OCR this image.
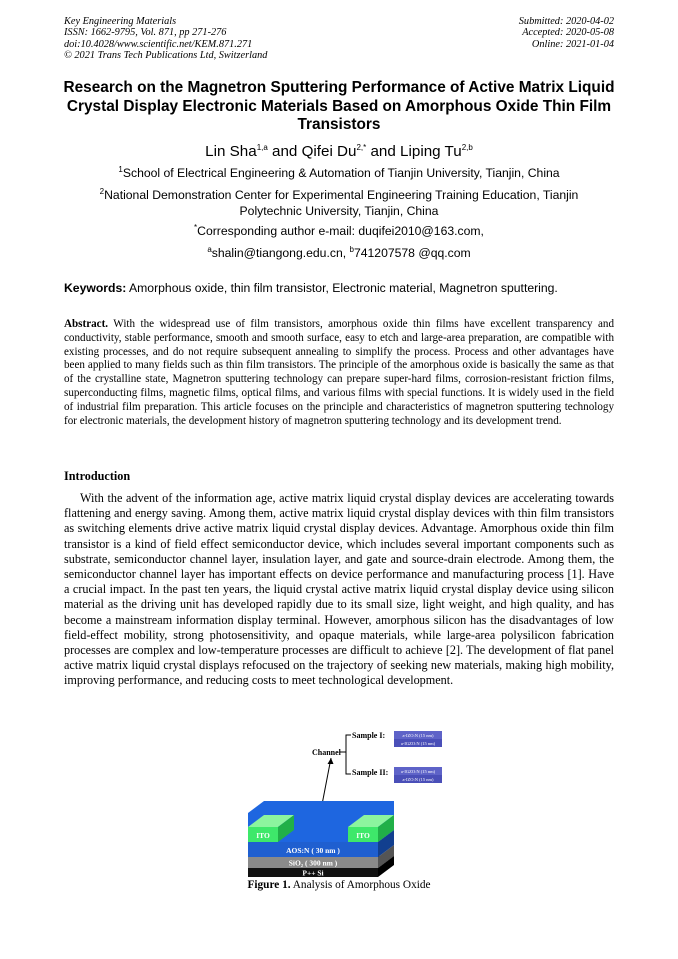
Key Engineering Materials
ISSN: 1662-9795, Vol. 871, pp 271-276
doi:10.4028/www.scientific.net/KEM.871.271
© 2021 Trans Tech Publications Ltd, Switzerland
Submitted: 2020-04-02
Accepted: 2020-05-08
Online: 2021-01-04
Research on the Magnetron Sputtering Performance of Active Matrix Liquid Crystal Display Electronic Materials Based on Amorphous Oxide Thin Film Transistors
Lin Sha$^{1,a}$ and Qifei $Du^{2,*}$ and Liping Tu$^{2,b}$
$^1$School of Electrical Engineering & Automation of Tianjin University, Tianjin, China
$^2$National Demonstration Center for Experimental Engineering Training Education, Tianjin Polytechnic University, Tianjin, China
*Corresponding author e-mail: duqifei2010@163.com,
$^a$shalin@tiangong.edu.cn, $^b$741207578 @qq.com
Keywords: Amorphous oxide, thin film transistor, Electronic material, Magnetron sputtering.
Abstract. With the widespread use of film transistors, amorphous oxide thin films have excellent transparency and conductivity, stable performance, smooth and smooth surface, easy to etch and large-area preparation, are compatible with existing processes, and do not require subsequent annealing to simplify the process. Process and other advantages have been applied to many fields such as thin film transistors. The principle of the amorphous oxide is basically the same as that of the crystalline state, Magnetron sputtering technology can prepare super-hard films, corrosion-resistant friction films, superconducting films, magnetic films, optical films, and various films with special functions. It is widely used in the field of industrial film preparation. This article focuses on the principle and characteristics of magnetron sputtering technology for electronic materials, the development history of magnetron sputtering technology and its development trend.
Introduction
With the advent of the information age, active matrix liquid crystal display devices are accelerating towards flattening and energy saving. Among them, active matrix liquid crystal display devices with thin film transistors as switching elements drive active matrix liquid crystal display devices. Advantage. Amorphous oxide thin film transistor is a kind of field effect semiconductor device, which includes several important components such as substrate, semiconductor channel layer, insulation layer, and gate and source-drain electrode. Among them, the semiconductor channel layer has important effects on device performance and manufacturing process [1]. Have a crucial impact. In the past ten years, the liquid crystal active matrix liquid crystal display device using silicon material as the driving unit has developed rapidly due to its small size, light weight, and high quality, and has become a mainstream information display terminal. However, amorphous silicon has the disadvantages of low field-effect mobility, strong photosensitivity, and opaque materials, while large-area polysilicon fabrication processes are complex and low-temperature processes are difficult to achieve [2]. The development of flat panel active matrix liquid crystal displays refocused on the trajectory of seeking new materials, making high mobility, improving performance, and reducing costs to meet technological development.
Channel
Sample I:	a-IZO:N (15 nm)
a-IGZO:N (15 nm)
Sample II:	a-IGZO:N (15 nm)
a-IZO:N (15 nm)
P++ Si
SiO₂ ( 300 nm )
AOS:N ( 30 nm )
ITO	ITO
Figure 1. Analysis of Amorphous Oxide
